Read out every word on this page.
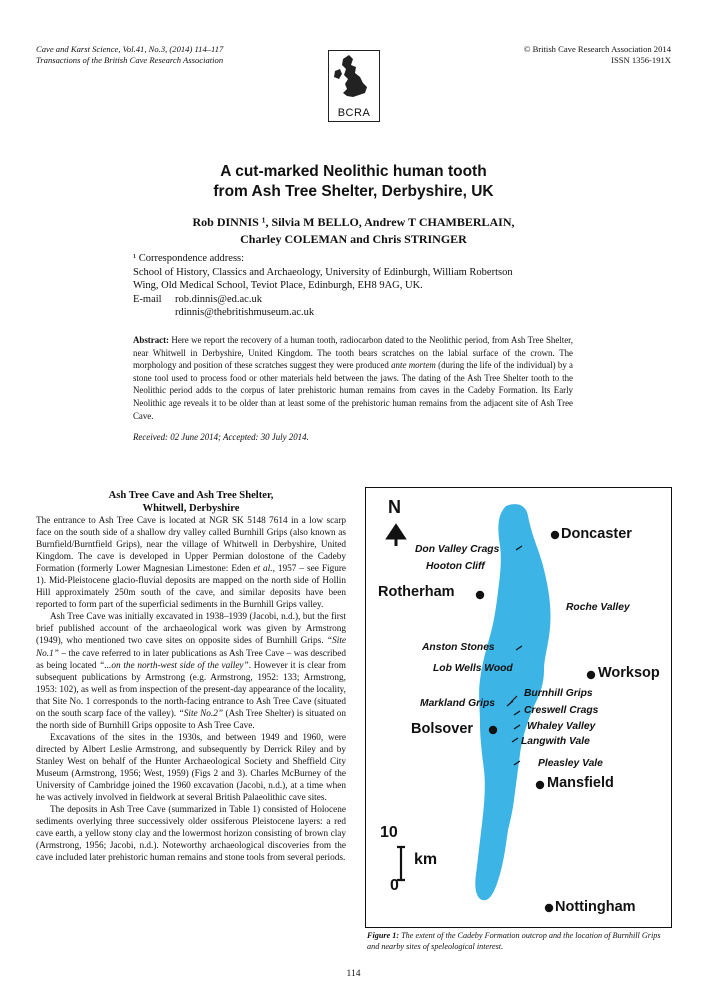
Cave and Karst Science, Vol.41, No.3, (2014) 114–117
Transactions of the British Cave Research Association
© British Cave Research Association 2014
ISSN 1356-191X
BCRA
A cut-marked Neolithic human tooth
from Ash Tree Shelter, Derbyshire, UK
Rob DINNIS ¹, Silvia M BELLO, Andrew T CHAMBERLAIN,
Charley COLEMAN and Chris STRINGER
¹ Correspondence address:
School of History, Classics and Archaeology, University of Edinburgh, William Robertson
Wing, Old Medical School, Teviot Place, Edinburgh, EH8 9AG, UK.
E-mail rob.dinnis@ed.ac.uk
rdinnis@thebritishmuseum.ac.uk
Abstract: Here we report the recovery of a human tooth, radiocarbon dated to the Neolithic period, from Ash Tree Shelter, near Whitwell in Derbyshire, United Kingdom. The tooth bears scratches on the labial surface of the crown. The morphology and position of these scratches suggest they were produced ante mortem (during the life of the individual) by a stone tool used to process food or other materials held between the jaws. The dating of the Ash Tree Shelter tooth to the Neolithic period adds to the corpus of later prehistoric human remains from caves in the Cadeby Formation. Its Early Neolithic age reveals it to be older than at least some of the prehistoric human remains from the adjacent site of Ash Tree Cave.
Received: 02 June 2014; Accepted: 30 July 2014.
Ash Tree Cave and Ash Tree Shelter,
Whitwell, Derbyshire

The entrance to Ash Tree Cave is located at NGR SK 5148 7614 in a low scarp face on the south side of a shallow dry valley called Burnhill Grips (also known as Burnfield/Burntfield Grips), near the village of Whitwell in Derbyshire, United Kingdom. The cave is developed in Upper Permian dolostone of the Cadeby Formation (formerly Lower Magnesian Limestone: Eden et al., 1957 – see Figure 1). Mid-Pleistocene glacio-fluvial deposits are mapped on the north side of Hollin Hill approximately 250m south of the cave, and similar deposits have been reported to form part of the superficial sediments in the Burnhill Grips valley.

Ash Tree Cave was initially excavated in 1938–1939 (Jacobi, n.d.), but the first brief published account of the archaeological work was given by Armstrong (1949), who mentioned two cave sites on opposite sides of Burnhill Grips. “Site No.1” – the cave referred to in later publications as Ash Tree Cave – was described as being located “...on the north-west side of the valley”. However it is clear from subsequent publications by Armstrong (e.g. Armstrong, 1952: 133; Armstrong, 1953: 102), as well as from inspection of the present-day appearance of the locality, that Site No. 1 corresponds to the north-facing entrance to Ash Tree Cave (situated on the south scarp face of the valley). “Site No.2” (Ash Tree Shelter) is situated on the north side of Burnhill Grips opposite to Ash Tree Cave.

Excavations of the sites in the 1930s, and between 1949 and 1960, were directed by Albert Leslie Armstrong, and subsequently by Derrick Riley and by Stanley West on behalf of the Hunter Archaeological Society and Sheffield City Museum (Armstrong, 1956; West, 1959) (Figs 2 and 3). Charles McBurney of the University of Cambridge joined the 1960 excavation (Jacobi, n.d.), at a time when he was actively involved in fieldwork at several British Palaeolithic cave sites.

The deposits in Ash Tree Cave (summarized in Table 1) consisted of Holocene sediments overlying three successively older ossiferous Pleistocene layers: a red cave earth, a yellow stony clay and the lowermost horizon consisting of brown clay (Armstrong, 1956; Jacobi, n.d.). Noteworthy archaeological discoveries from the cave included later prehistoric human remains and stone tools from several periods.

N
Doncaster
Rotherham
Worksop
Bolsover
Mansfield
Nottingham
Don Valley Crags
Hooton Cliff
Roche Valley
Anston Stones
Lob Wells Wood
Markland Grips
Burnhill Grips
Creswell Crags
Whaley Valley
Langwith Vale
Pleasley Vale
10
0
km
Figure 1: The extent of the Cadeby Formation outcrop and the location of Burnhill Grips and nearby sites of speleological interest.
114
